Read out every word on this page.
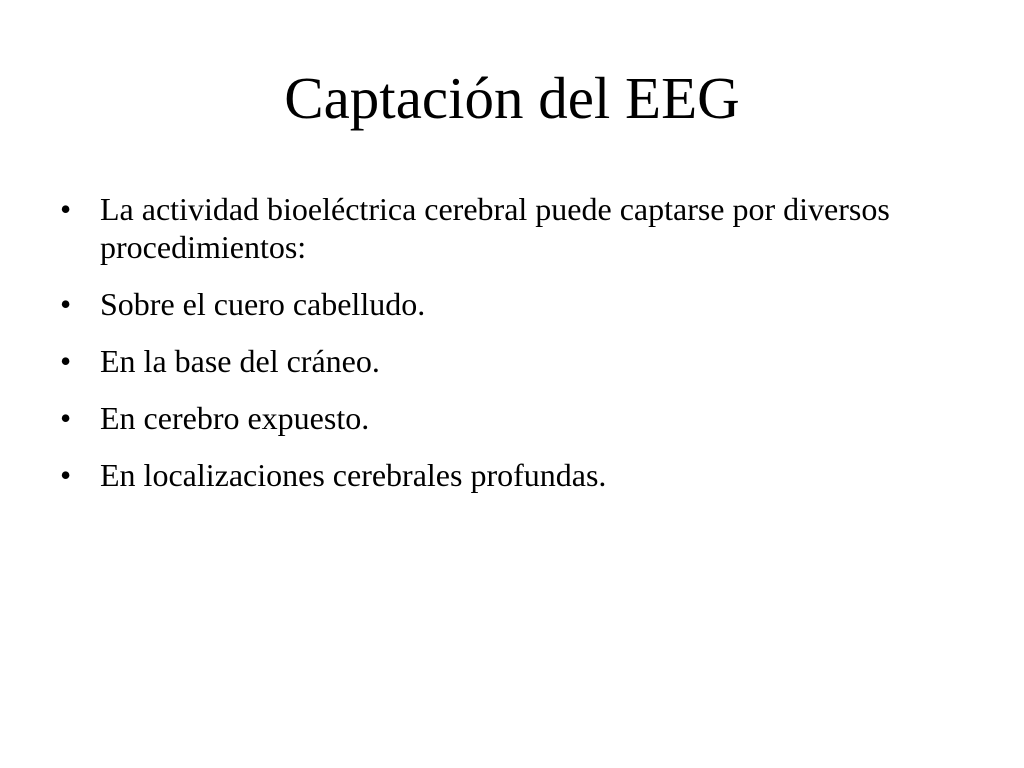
Captación del EEG
• La actividad bioeléctrica cerebral puede captarse por diversos procedimientos:
• Sobre el cuero cabelludo.
• En la base del cráneo.
• En cerebro expuesto.
• En localizaciones cerebrales profundas.
